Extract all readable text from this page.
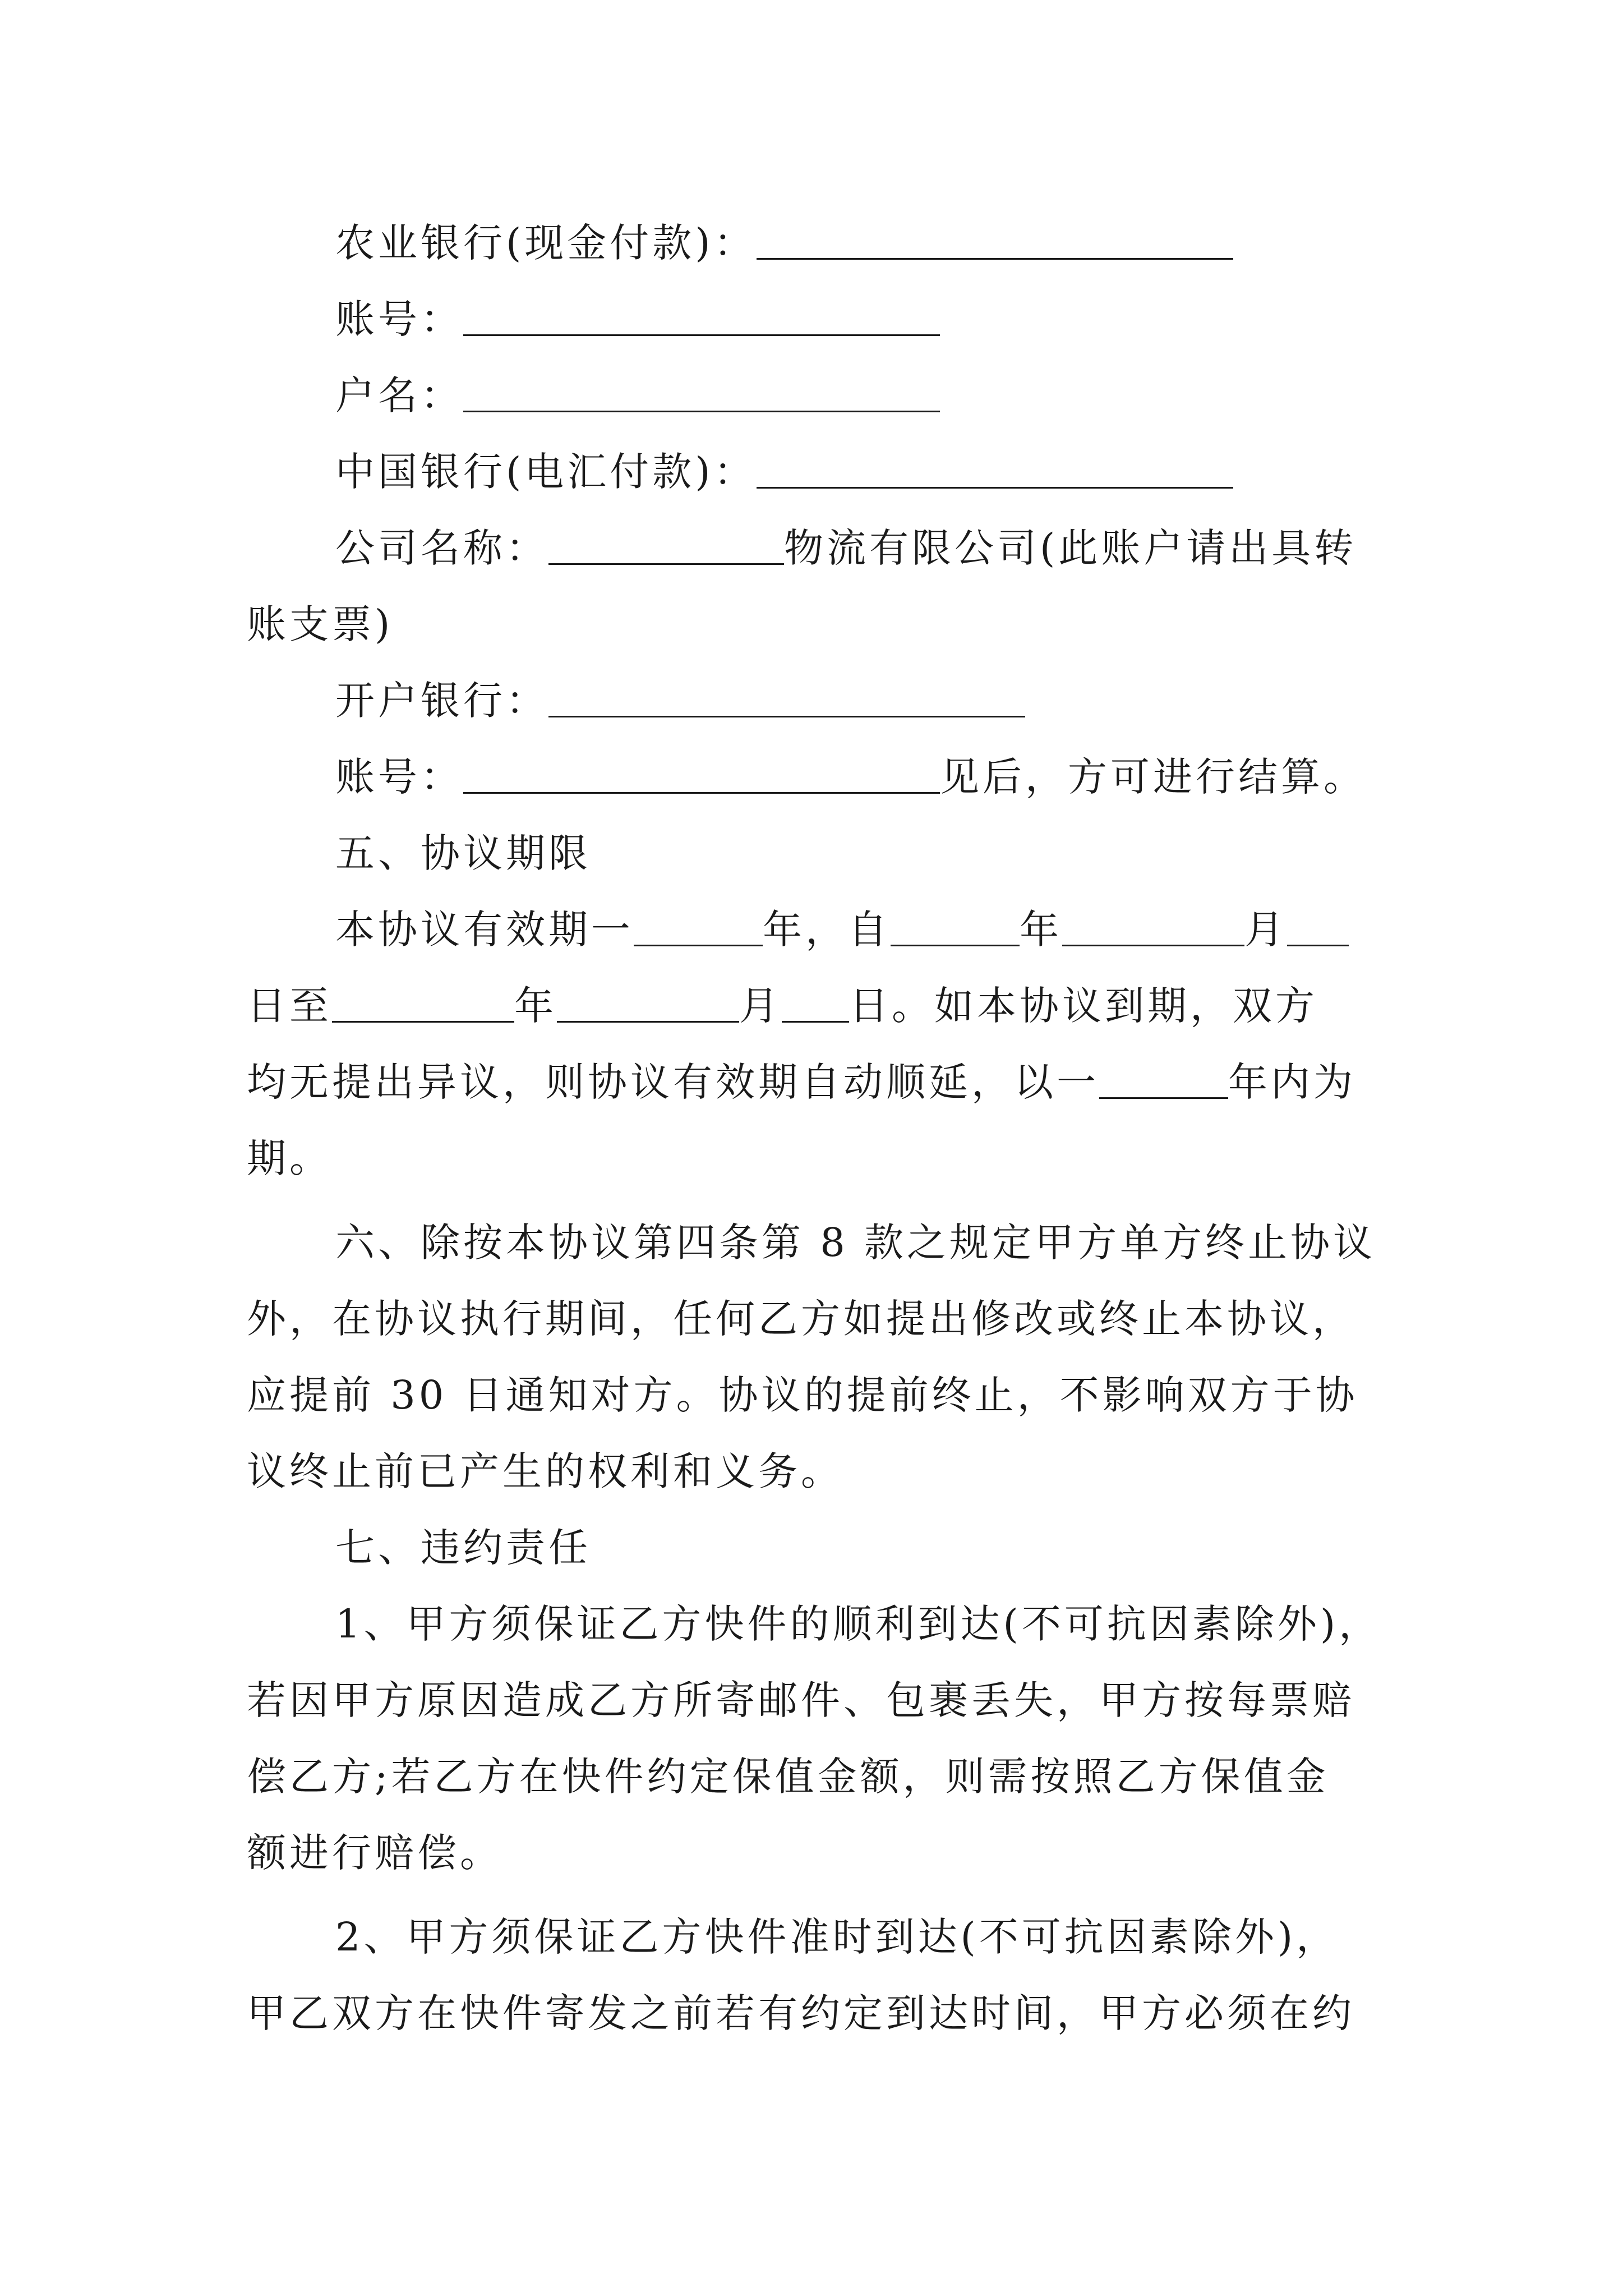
农业银行(现金付款)：
账号：
户名：
中国银行(电汇付款)：
公司名称：	物流有限公司(此账户请出具转
账支票)
开户银行：
账号：	见后，方可进行结算。
五、协议期限
本协议有效期一	年，自	年	月
日至	年	月 日。如本协议到期，双方
均无提出异议，则协议有效期自动顺延，以一	年内为
期。
六、除按本协议第四条第 8 款之规定甲方单方终止协议
外，在协议执行期间，任何乙方如提出修改或终止本协议，
应提前 30 日通知对方。协议的提前终止，不影响双方于协
议终止前已产生的权利和义务。
七、违约责任
1、甲方须保证乙方快件的顺利到达(不可抗因素除外)，
若因甲方原因造成乙方所寄邮件、包裹丢失，甲方按每票赔
偿乙方;若乙方在快件约定保值金额，则需按照乙方保值金
额进行赔偿。
2、甲方须保证乙方快件准时到达(不可抗因素除外)，
甲乙双方在快件寄发之前若有约定到达时间，甲方必须在约
